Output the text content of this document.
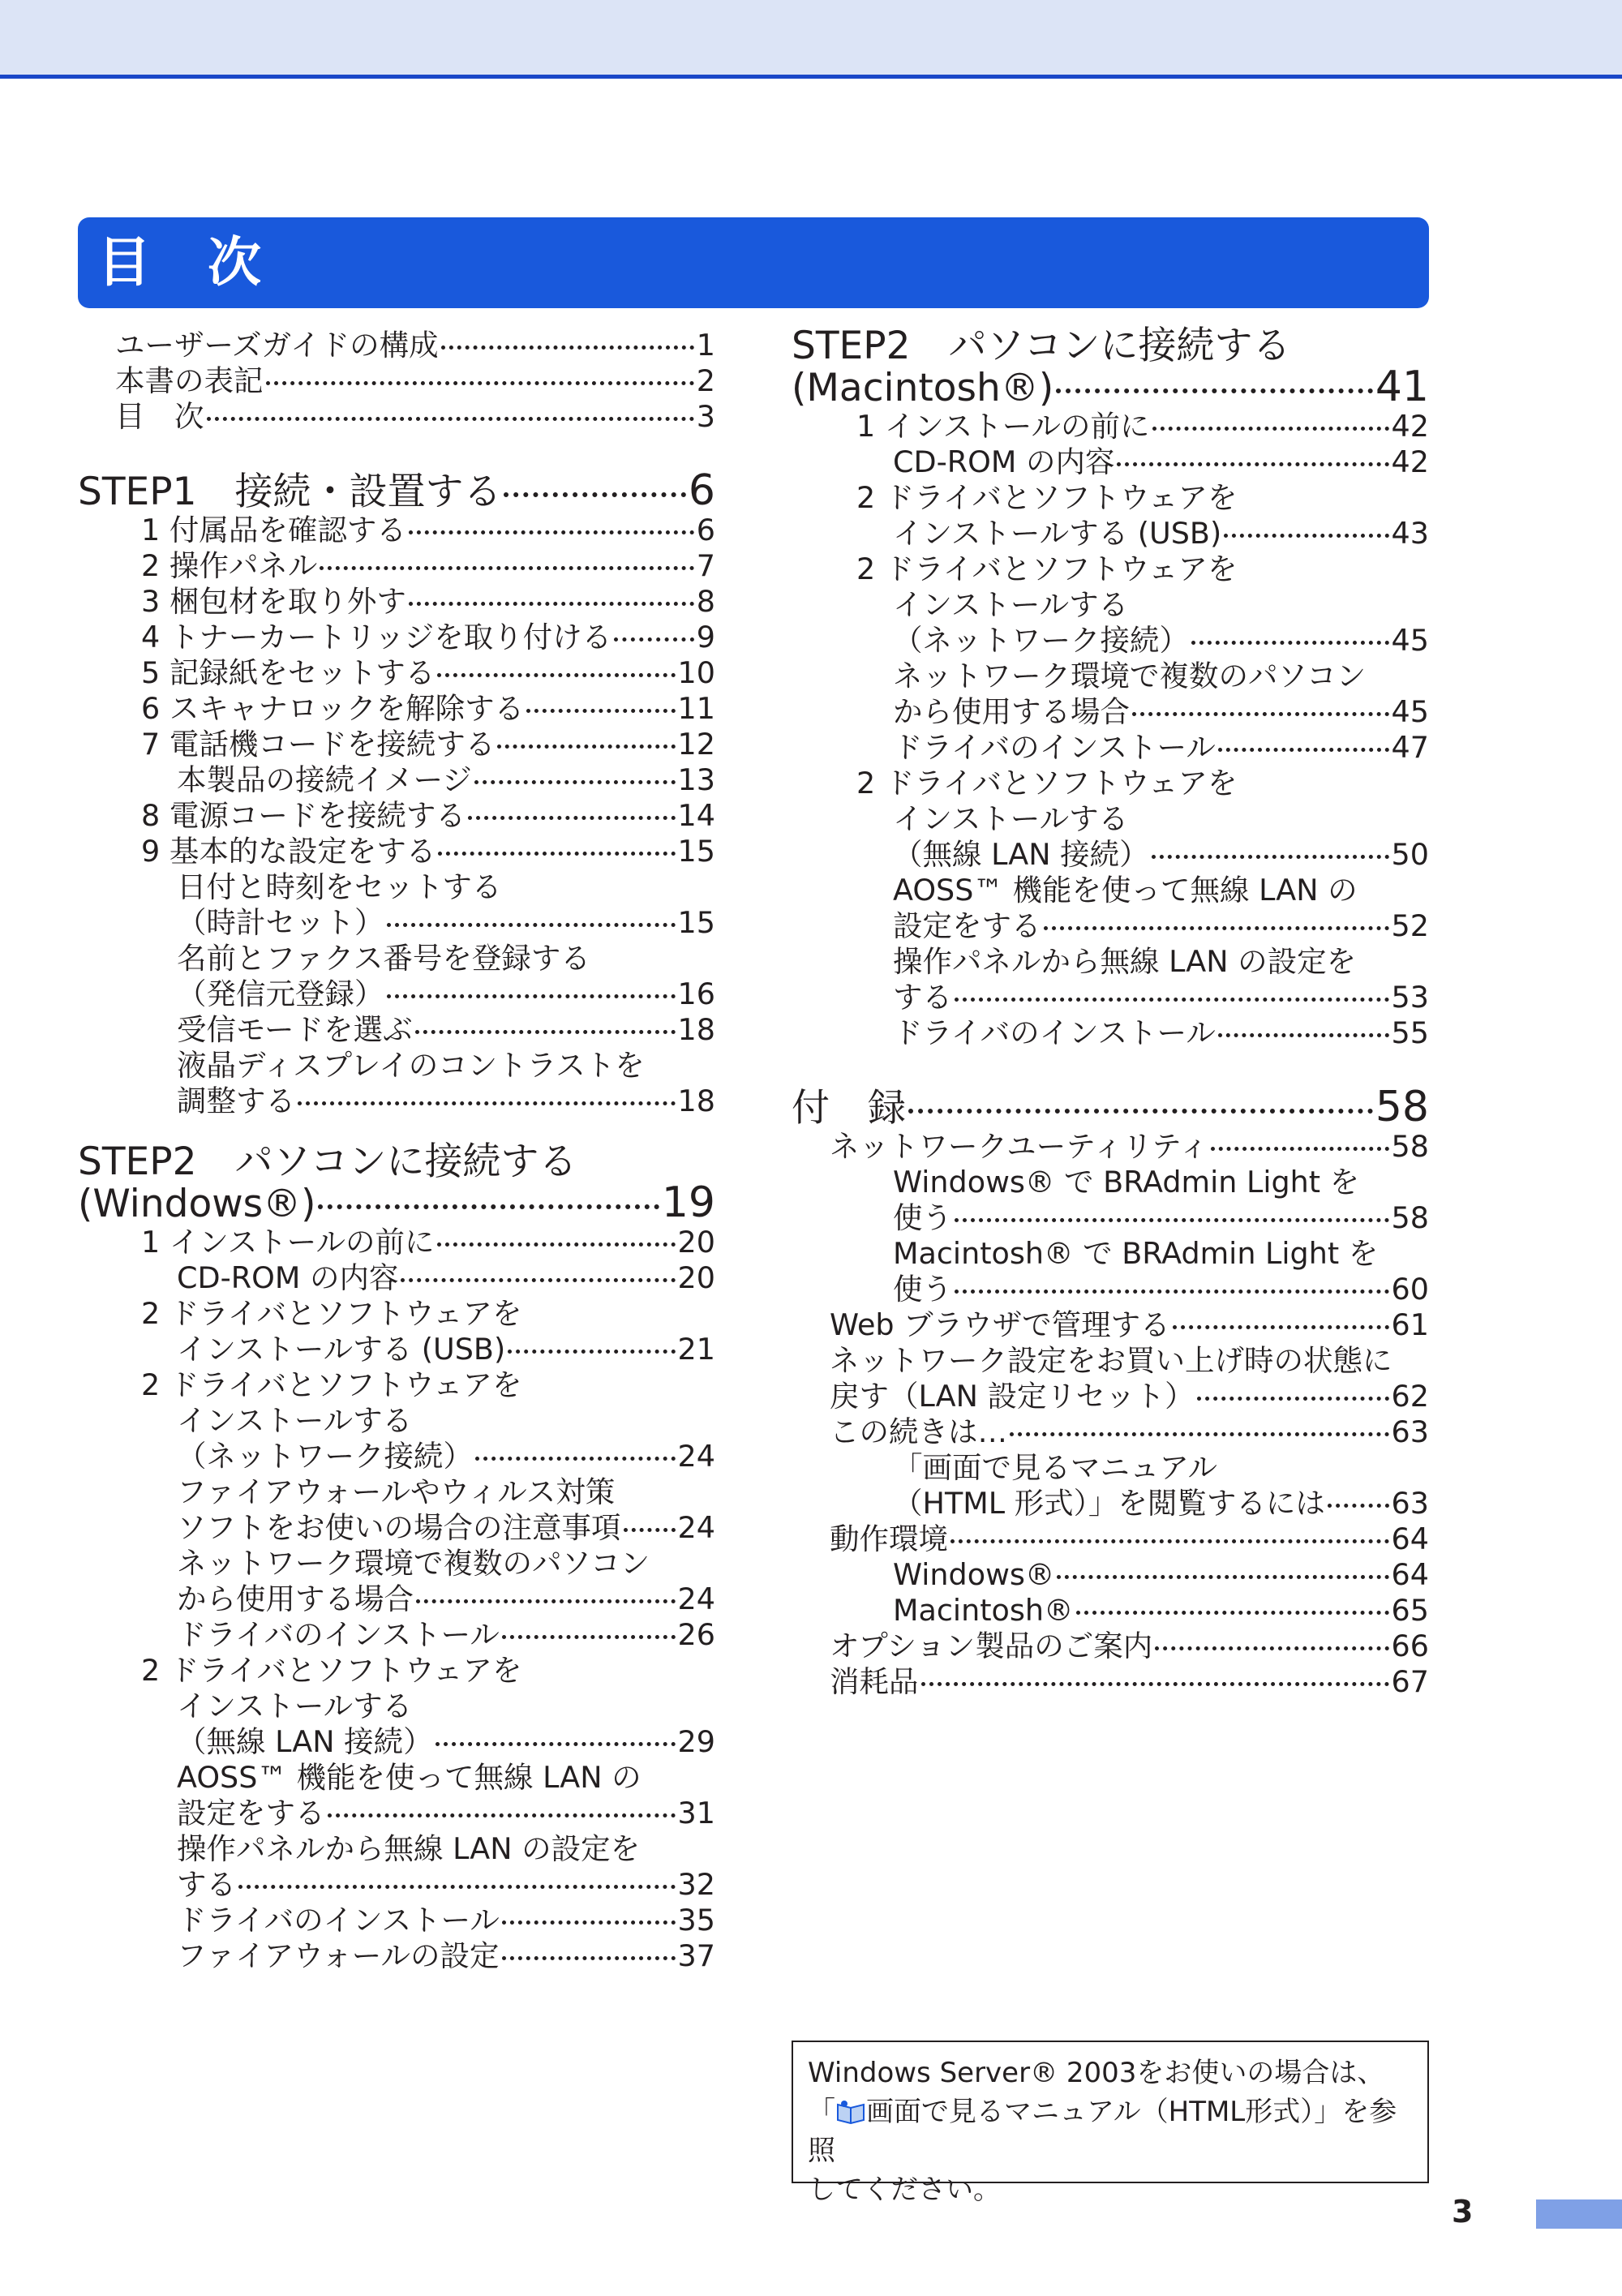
目　次
ユーザーズガイドの構成	1
本書の表記	2
目　次	3
STEP1　接続・設置する	6
1 付属品を確認する	6
2 操作パネル	7
3 梱包材を取り外す	8
4 トナーカートリッジを取り付ける	9
5 記録紙をセットする	10
6 スキャナロックを解除する	11
7 電話機コードを接続する	12
本製品の接続イメージ	13
8 電源コードを接続する	14
9 基本的な設定をする	15
日付と時刻をセットする
（時計セット）	15
名前とファクス番号を登録する
（発信元登録）	16
受信モードを選ぶ	18
液晶ディスプレイのコントラストを
調整する	18
STEP2　パソコンに接続する
(Windows®)	19
1 インストールの前に	20
CD-ROM の内容	20
2 ドライバとソフトウェアを
インストールする (USB)	21
2 ドライバとソフトウェアを
インストールする
（ネットワーク接続）	24
ファイアウォールやウィルス対策
ソフトをお使いの場合の注意事項 24
ネットワーク環境で複数のパソコン
から使用する場合	24
ドライバのインストール	26
2 ドライバとソフトウェアを
インストールする
（無線 LAN 接続）	29
AOSS™ 機能を使って無線 LAN の
設定をする	31
操作パネルから無線 LAN の設定を
する	32
ドライバのインストール	35
ファイアウォールの設定	37
STEP2　パソコンに接続する
(Macintosh®)	41
1 インストールの前に	42
CD-ROM の内容	42
2 ドライバとソフトウェアを
インストールする (USB)	43
2 ドライバとソフトウェアを
インストールする
（ネットワーク接続）	45
ネットワーク環境で複数のパソコン
から使用する場合	45
ドライバのインストール	47
2 ドライバとソフトウェアを
インストールする
（無線 LAN 接続）	50
AOSS™ 機能を使って無線 LAN の
設定をする	52
操作パネルから無線 LAN の設定を
する	53
ドライバのインストール	55
付　録	58
ネットワークユーティリティ	58
Windows® で BRAdmin Light を
使う	58
Macintosh® で BRAdmin Light を
使う	60
Web ブラウザで管理する	61
ネットワーク設定をお買い上げ時の状態に
戻す（LAN 設定リセット）	62
この続きは…	63
「画面で見るマニュアル
（HTML 形式）」を閲覧するには 63
動作環境	64
Windows®	64
Macintosh®	65
オプション製品のご案内	66
消耗品	67
Windows Server® 2003をお使いの場合は、
「 画面で見るマニュアル（HTML形式）」を参照
してください。
3
